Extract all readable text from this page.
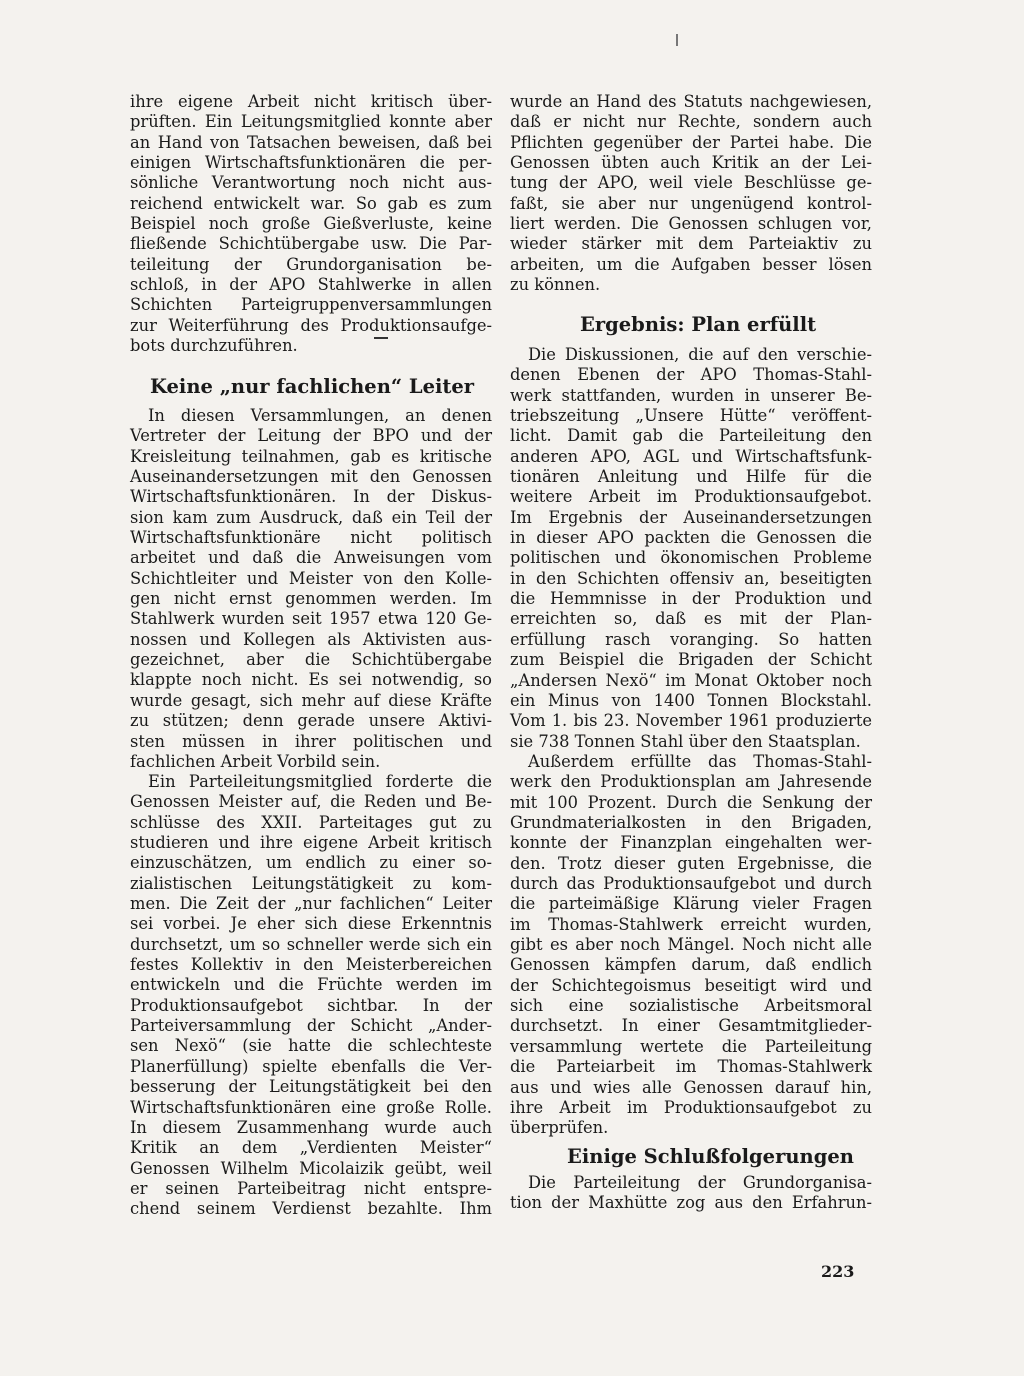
ihre eigene Arbeit nicht kritisch über-
prüften. Ein Leitungsmitglied konnte aber
an Hand von Tatsachen beweisen, daß bei
einigen Wirtschaftsfunktionären die per-
sönliche Verantwortung noch nicht aus-
reichend entwickelt war. So gab es zum
Beispiel noch große Gießverluste, keine
fließende Schichtübergabe usw. Die Par-
teileitung der Grundorganisation be-
schloß, in der APO Stahlwerke in allen
Schichten Parteigruppenversammlungen
zur Weiterführung des Produktionsaufge-
bots durchzuführen.
In diesen Versammlungen, an denen
Vertreter der Leitung der BPO und der
Kreisleitung teilnahmen, gab es kritische
Auseinandersetzungen mit den Genossen
Wirtschaftsfunktionären. In der Diskus-
sion kam zum Ausdruck, daß ein Teil der
Wirtschaftsfunktionäre nicht politisch
arbeitet und daß die Anweisungen vom
Schichtleiter und Meister von den Kolle-
gen nicht ernst genommen werden. Im
Stahlwerk wurden seit 1957 etwa 120 Ge-
nossen und Kollegen als Aktivisten aus-
gezeichnet, aber die Schichtübergabe
klappte noch nicht. Es sei notwendig, so
wurde gesagt, sich mehr auf diese Kräfte
zu stützen; denn gerade unsere Aktivi-
sten müssen in ihrer politischen und
fachlichen Arbeit Vorbild sein.
Ein Parteileitungsmitglied forderte die
Genossen Meister auf, die Reden und Be-
schlüsse des XXII. Parteitages gut zu
studieren und ihre eigene Arbeit kritisch
einzuschätzen, um endlich zu einer so-
zialistischen Leitungstätigkeit zu kom-
men. Die Zeit der „nur fachlichen“ Leiter
sei vorbei. Je eher sich diese Erkenntnis
durchsetzt, um so schneller werde sich ein
festes Kollektiv in den Meisterbereichen
entwickeln und die Früchte werden im
Produktionsaufgebot sichtbar. In der
Parteiversammlung der Schicht „Ander-
sen Nexö“ (sie hatte die schlechteste
Planerfüllung) spielte ebenfalls die Ver-
besserung der Leitungstätigkeit bei den
Wirtschaftsfunktionären eine große Rolle.
In diesem Zusammenhang wurde auch
Kritik an dem „Verdienten Meister“
Genossen Wilhelm Micolaizik geübt, weil
er seinen Parteibeitrag nicht entspre-
chend seinem Verdienst bezahlte. Ihm
Keine „nur fachlichen“ Leiter
wurde an Hand des Statuts nachgewiesen,
daß er nicht nur Rechte, sondern auch
Pflichten gegenüber der Partei habe. Die
Genossen übten auch Kritik an der Lei-
tung der APO, weil viele Beschlüsse ge-
faßt, sie aber nur ungenügend kontrol-
liert werden. Die Genossen schlugen vor,
wieder stärker mit dem Parteiaktiv zu
arbeiten, um die Aufgaben besser lösen
zu können.
Die Diskussionen, die auf den verschie-
denen Ebenen der APO Thomas-Stahl-
werk stattfanden, wurden in unserer Be-
triebszeitung „Unsere Hütte“ veröffent-
licht. Damit gab die Parteileitung den
anderen APO, AGL und Wirtschaftsfunk-
tionären Anleitung und Hilfe für die
weitere Arbeit im Produktionsaufgebot.
Im Ergebnis der Auseinandersetzungen
in dieser APO packten die Genossen die
politischen und ökonomischen Probleme
in den Schichten offensiv an, beseitigten
die Hemmnisse in der Produktion und
erreichten so, daß es mit der Plan-
erfüllung rasch voranging. So hatten
zum Beispiel die Brigaden der Schicht
„Andersen Nexö“ im Monat Oktober noch
ein Minus von 1400 Tonnen Blockstahl.
Vom 1. bis 23. November 1961 produzierte
sie 738 Tonnen Stahl über den Staatsplan.
Außerdem erfüllte das Thomas-Stahl-
werk den Produktionsplan am Jahresende
mit 100 Prozent. Durch die Senkung der
Grundmaterialkosten in den Brigaden,
konnte der Finanzplan eingehalten wer-
den. Trotz dieser guten Ergebnisse, die
durch das Produktionsaufgebot und durch
die parteimäßige Klärung vieler Fragen
im Thomas-Stahlwerk erreicht wurden,
gibt es aber noch Mängel. Noch nicht alle
Genossen kämpfen darum, daß endlich
der Schichtegoismus beseitigt wird und
sich eine sozialistische Arbeitsmoral
durchsetzt. In einer Gesamtmitglieder-
versammlung wertete die Parteileitung
die Parteiarbeit im Thomas-Stahlwerk
aus und wies alle Genossen darauf hin,
ihre Arbeit im Produktionsaufgebot zu
überprüfen.
Die Parteileitung der Grundorganisa-
tion der Maxhütte zog aus den Erfahrun-
Ergebnis: Plan erfüllt
Einige Schlußfolgerungen
223
